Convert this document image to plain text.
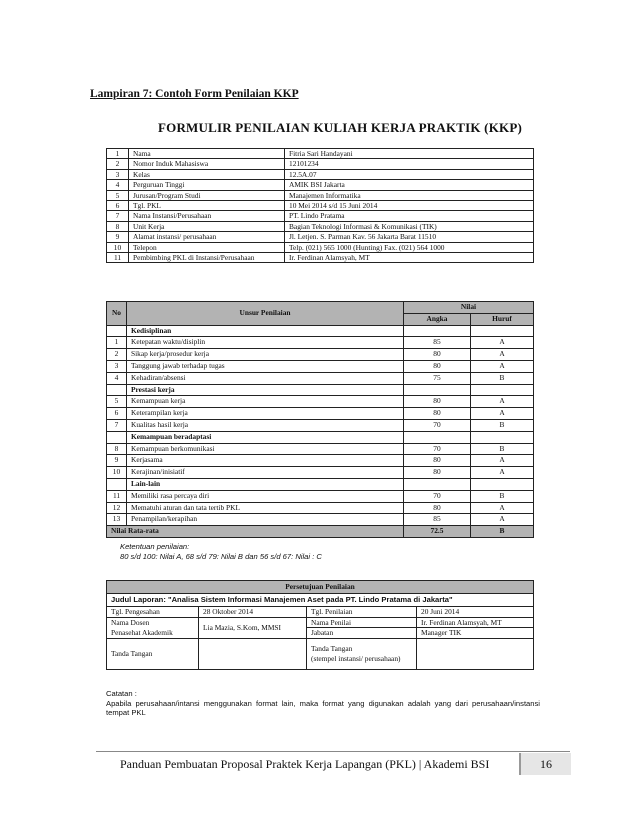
Lampiran 7: Contoh Form Penilaian KKP
FORMULIR PENILAIAN KULIAH KERJA PRAKTIK (KKP)
1	Nama	Fitria Sari Handayani
2	Nomor Induk Mahasiswa	12101234
3	Kelas	12.5A.07
4	Perguruan Tinggi	AMIK BSI Jakarta
5	Jurusan/Program Studi	Manajemen Informatika
6	Tgl. PKL	10 Mei 2014 s/d 15 Juni 2014
7	Nama Instansi/Perusahaan	PT. Lindo Pratama
8	Unit Kerja	Bagian Teknologi Informasi & Komunikasi (TIK)
9	Alamat instansi/ perusahaan	Jl. Letjen. S. Parman Kav. 56 Jakarta Barat 11510
10	Telepon	Telp. (021) 565 1000 (Hunting) Fax. (021) 564 1000
11	Pembimbing PKL di Instansi/Perusahaan	Ir. Ferdinan Alamsyah, MT
No	Unsur Penilaian	Nilai	
		Angka	Huruf
	Kedisiplinan		
1	Ketepatan waktu/disiplin	85	A
2	Sikap kerja/prosedur kerja	80	A
3	Tanggung jawab terhadap tugas	80	A
4	Kehadiran/absensi	75	B
	Prestasi kerja		
5	Kemampuan kerja	80	A
6	Keterampilan kerja	80	A
7	Kualitas hasil kerja	70	B
	Kemampuan beradaptasi		
8	Kemampuan berkomunikasi	70	B
9	Kerjasama	80	A
10	Kerajinan/inisiatif	80	A
	Lain-lain		
11	Memiliki rasa percaya diri	70	B
12	Mematuhi aturan dan tata tertib PKL	80	A
13	Penampilan/kerapihan	85	A
Nilai Rata-rata		72.5	B
Ketentuan penilaian:
80 s/d 100: Nilai A, 68 s/d 79: Nilai B dan 56 s/d 67: Nilai : C
Persetujuan Penilaian			
Judul Laporan: "Analisa Sistem Informasi Manajemen Aset pada PT. Lindo Pratama di Jakarta"			
Tgl. Pengesahan	28 Oktober 2014	Tgl. Penilaian	20 Juni 2014

Nama Dosen
Penasehat Akademik	Lia Mazia, S.Kom, MMSI	Nama Penilai	Ir. Ferdinan Alamsyah, MT
		Jabatan	Manager TIK
Tanda Tangan		Tanda Tangan
(stempel instansi/ perusahaan)	

Catatan :
Apabila perusahaan/intansi menggunakan format lain, maka format yang digunakan adalah yang dari perusahaan/instansi tempat PKL
Panduan Pembuatan Proposal Praktek Kerja Lapangan (PKL) | Akademi BSI	16
